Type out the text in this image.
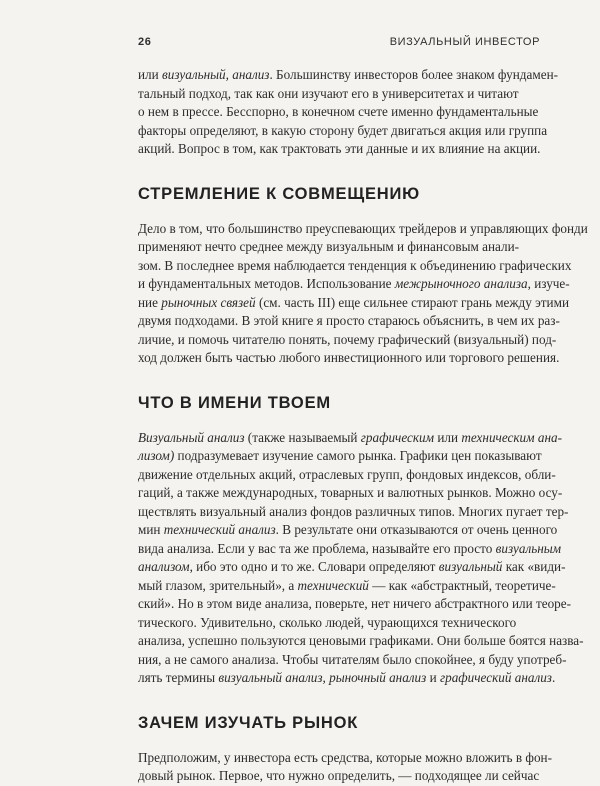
26	ВИЗУАЛЬНЫЙ ИНВЕСТОР

или визуальный, анализ. Большинству инвесторов более знаком фундамен-

тальный подход, так как они изучают его в университетах и читают

о нем в прессе. Бесспорно, в конечном счете именно фундаментальные

факторы определяют, в какую сторону будет двигаться акция или группа

акций. Вопрос в том, как трактовать эти данные и их влияние на акции.

СТРЕМЛЕНИЕ К СОВМЕЩЕНИЮ

Дело в том, что большинство преуспевающих трейдеров и управляющих фонди

применяют нечто среднее между визуальным и финансовым анали-

зом. В последнее время наблюдается тенденция к объединению графических

и фундаментальных методов. Использование межрыночного анализа, изуче-

ние рыночных связей (см. часть III) еще сильнее стирают грань между этими

двумя подходами. В этой книге я просто стараюсь объяснить, в чем их раз-

личие, и помочь читателю понять, почему графический (визуальный) под-

ход должен быть частью любого инвестиционного или торгового решения.

ЧТО В ИМЕНИ ТВОЕМ

Визуальный анализ (также называемый графическим или техническим ана-

лизом) подразумевает изучение самого рынка. Графики цен показывают

движение отдельных акций, отраслевых групп, фондовых индексов, обли-

гаций, а также международных, товарных и валютных рынков. Можно осу-

ществлять визуальный анализ фондов различных типов. Многих пугает тер-

мин технический анализ. В результате они отказываются от очень ценного

вида анализа. Если у вас та же проблема, называйте его просто визуальным

анализом, ибо это одно и то же. Словари определяют визуальный как «види-

мый глазом, зрительный», а технический — как «абстрактный, теоретиче-

ский». Но в этом виде анализа, поверьте, нет ничего абстрактного или теоре-

тического. Удивительно, сколько людей, чурающихся технического

анализа, успешно пользуются ценовыми графиками. Они больше боятся назва-

ния, а не самого анализа. Чтобы читателям было спокойнее, я буду употреб-

лять термины визуальный анализ, рыночный анализ и графический анализ.

ЗАЧЕМ ИЗУЧАТЬ РЫНОК

Предположим, у инвестора есть средства, которые можно вложить в фон-

довый рынок. Первое, что нужно определить, — подходящее ли сейчас
